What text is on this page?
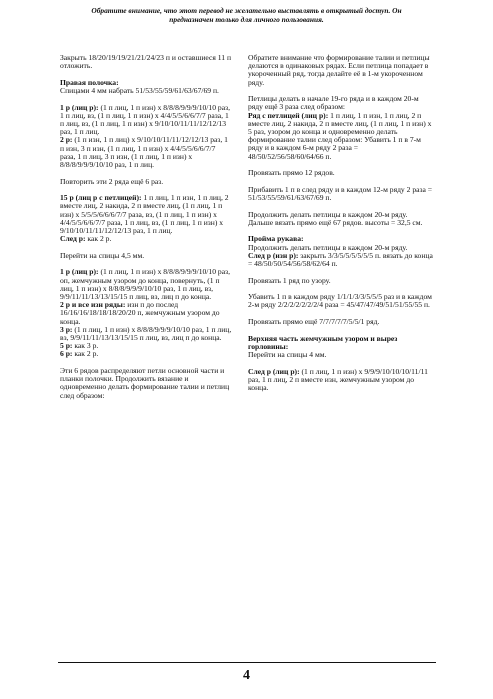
Обратите внимание, что этот перевод не желательно выставлять в открытый доступ. Он
предназначен только для личного пользования.

Закрыть 18/20/19/19/21/21/24/23 п и оставшиеся 11 п отложить.

Правая полочка:
Спицами 4 мм набрать 51/53/55/59/61/63/67/69 п.

1 р (лиц р): (1 п лиц, 1 п изн) х 8/8/8/9/9/9/10/10 раз, 1 п лиц, вз, (1 п лиц, 1 п изн) х 4/4/5/5/6/6/7/7 раза, 1 п лиц, вз, (1 п лиц, 1 п изн) х 9/10/10/11/11/12/12/13 раз, 1 п лиц.
2 р: (1 п изн, 1 п лиц) х 9/10/10/11/11/12/12/13 раз, 1 п изн, 3 п изн, (1 п лиц, 1 п изн) х 4/4/5/5/6/6/7/7 раза, 1 п лиц, 3 п изн, (1 п лиц, 1 п изн) х 8/8/8/9/9/9/10/10 раз, 1 п лиц.

Повторить эти 2 ряда ещё 6 раз.

15 р (лиц р с петлицей): 1 п лиц, 1 п изн, 1 п лиц, 2 вместе лиц, 2 накида, 2 п вместе лиц, (1 п лиц, 1 п изн) х 5/5/5/6/6/6/7/7 раза, вз, (1 п лиц, 1 п изн) х 4/4/5/5/6/6/7/7 раза, 1 п лиц, вз, (1 п лиц, 1 п изн) х 9/10/10/11/11/12/12/13 раз, 1 п лиц.
След р: как 2 р.

Перейти на спицы 4,5 мм.

1 р (лиц р): (1 п лиц, 1 п изн) х 8/8/8/9/9/9/10/10 раз, оп, жемчужным узором до конца, повернуть, (1 п лиц, 1 п изн) х 8/8/8/9/9/9/10/10 раз, 1 п лиц, вз, 9/9/11/11/13/13/15/15 п лиц, вз, лиц п до конца.
2 р и все изн ряды: изн п до послед 16/16/16/18/18/18/20/20 п, жемчужным узором до конца.
3 р: (1 п лиц, 1 п изн) х 8/8/8/9/9/9/10/10 раз, 1 п лиц, вз, 9/9/11/11/13/13/15/15 п лиц, вз, лиц п до конца.
5 р: как 3 р.
6 р: как 2 р.

Эти 6 рядов распределяют петли основной части и планки полочки. Продолжить вязание и одновременно делать формирование талии и петлиц след образом:

Обратите внимание что формирование талии и петлицы делаются в одинаковых рядах. Если петлица попадает в укороченный ряд, тогда делайте её в 1-м укороченном ряду.

Петлицы делать в начале 19-го ряда и в каждом 20-м ряду ещё 3 раза след образом:
Ряд с петлицей (лиц р): 1 п лиц, 1 п изн, 1 п лиц, 2 п вместе лиц, 2 накида, 2 п вместе лиц, (1 п лиц, 1 п изн) х 5 раз, узором до конца и одновременно делать формирование талии след образом: Убавить 1 п в 7-м ряду и в каждом 6-м ряду 2 раза = 48/50/52/56/58/60/64/66 п.

Провязать прямо 12 рядов.

Прибавить 1 п в след ряду и в каждом 12-м ряду 2 раза = 51/53/55/59/61/63/67/69 п.

Продолжить делать петлицы в каждом 20-м ряду. Дальше вязать прямо ещё 67 рядов. высоты = 32,5 см.

Пройма рукава:
Продолжить делать петлицы в каждом 20-м ряду.
След р (изн р): закрыть 3/3/5/5/5/5/5/5 п. вязать до конца = 48/50/50/54/56/58/62/64 п.

Провязать 1 ряд по узору.

Убавить 1 п в каждом ряду 1/1/1/3/3/5/5/5 раз и в каждом 2-м ряду 2/2/2/2/2/2/2/4 раза = 45/47/47/49/51/51/55/55 п.

Провязать прямо ещё 7/7/7/7/7/5/5/1 ряд.

Верхняя часть жемчужным узором и вырез горловины:
Перейти на спицы 4 мм.

След р (лиц р): (1 п лиц, 1 п изн) х 9/9/9/10/10/10/11/11 раз, 1 п лиц, 2 п вместе изн, жемчужным узором до конца.

4
